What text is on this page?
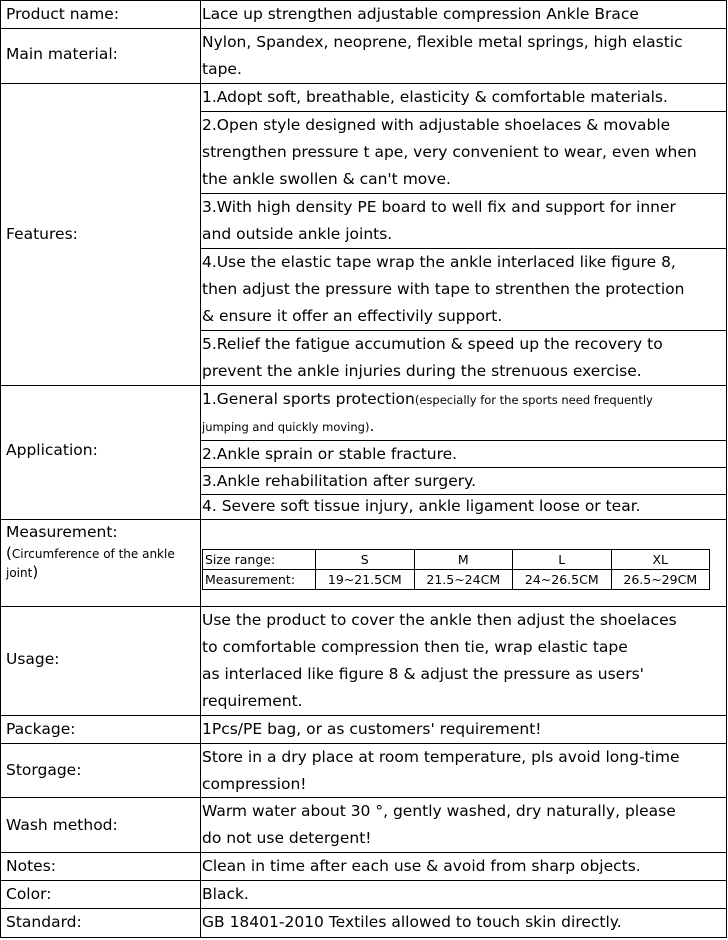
Product name:	Lace up strengthen adjustable compression Ankle Brace
Main material:
Nylon, Spandex, neoprene, flexible metal springs, high elastic
tape.
Features:
1.Adopt soft, breathable, elasticity & comfortable materials.
2.Open style designed with adjustable shoelaces & movable
strengthen pressure t ape, very convenient to wear, even when
the ankle swollen & can't move.
3.With high density PE board to well fix and support for inner
and outside ankle joints.
4.Use the elastic tape wrap the ankle interlaced like figure 8,
then adjust the pressure with tape to strenthen the protection
& ensure it offer an effectivily support.
5.Relief the fatigue accumution & speed up the recovery to
prevent the ankle injuries during the strenuous exercise.
Application:
1.General sports protection(especially for the sports need frequently
jumping and quickly moving).
2.Ankle sprain or stable fracture.
3.Ankle rehabilitation after surgery.
4. Severe soft tissue injury, ankle ligament loose or tear.
Measurement:
(Circumference of the ankle
joint)
Size range:	S	M	L	XL
Measurement:	19~21.5CM	21.5~24CM	24~26.5CM	26.5~29CM
Usage:
Use the product to cover the ankle then adjust the shoelaces
to comfortable compression then tie, wrap elastic tape
as interlaced like figure 8 & adjust the pressure as users'
requirement.
Package:	1Pcs/PE bag, or as customers' requirement!
Storgage:
Store in a dry place at room temperature, pls avoid long-time
compression!
Wash method:
Warm water about 30 °, gently washed, dry naturally, please
do not use detergent!
Notes:	Clean in time after each use & avoid from sharp objects.
Color:	Black.
Standard:	GB 18401-2010 Textiles allowed to touch skin directly.
